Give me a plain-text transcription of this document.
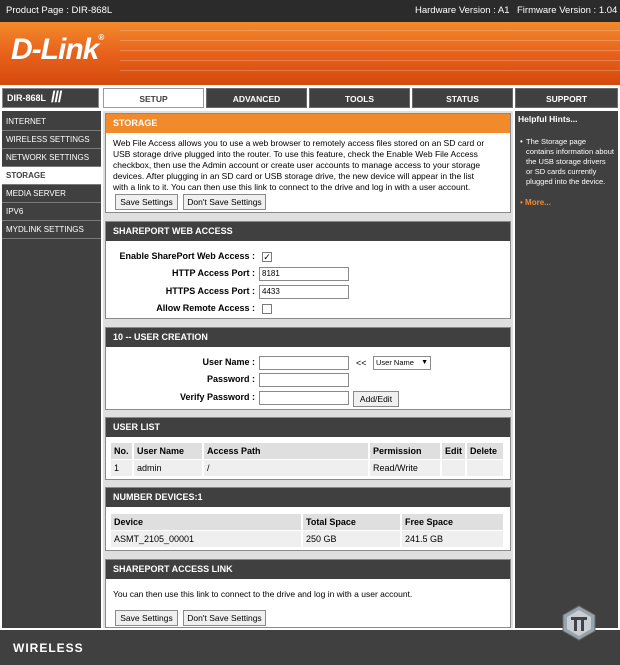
Product Page : DIR-868L	Hardware Version : A1 Firmware Version : 1.04
D-Link®
DIR-868L ///	SETUP	ADVANCED	TOOLS	STATUS	SUPPORT
INTERNET
WIRELESS SETTINGS
NETWORK SETTINGS
STORAGE
MEDIA SERVER
IPV6
MYDLINK SETTINGS
Helpful Hints...
• The Storage page contains information about the USB storage drivers or SD cards currently plugged into the device.
• More...
STORAGE
Web File Access allows you to use a web browser to remotely access files stored on an SD card or
USB storage drive plugged into the router. To use this feature, check the Enable Web File Access
checkbox, then use the Admin account or create user accounts to manage access to your storage
devices. After plugging in an SD card or USB storage drive, the new device will appear in the list
with a link to it. You can then use this link to connect to the drive and log in with a user account.
Save Settings	Don't Save Settings
SHAREPORT WEB ACCESS
Enable SharePort Web Access : ✓
HTTP Access Port : 8181
HTTPS Access Port : 4433
Allow Remote Access :
10 -- USER CREATION
User Name :	<<	User Name ▼
Password :
Verify Password :	Add/Edit
USER LIST
No. User Name	Access Path	Permission	Edit Delete
1	admin	/	Read/Write
NUMBER DEVICES:1
Device	Total Space	Free Space
ASMT_2105_00001	250 GB	241.5 GB
SHAREPORT ACCESS LINK
You can then use this link to connect to the drive and log in with a user account.
Save Settings	Don't Save Settings
WIRELESS
